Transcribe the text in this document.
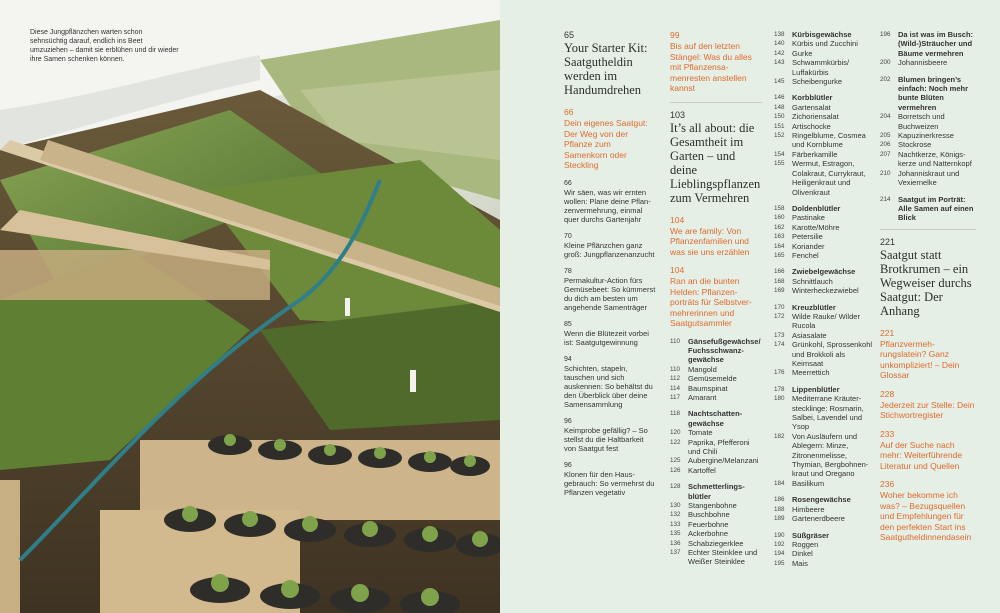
Diese Jungpflänzchen warten schon sehnsüchtig darauf, endlich ins Beet umzuziehen – damit sie erblühen und dir wieder ihre Samen schenken können.
65
Your Starter Kit: Saatgutheldin werden im Handumdrehen
66
Dein eigenes Saatgut: Der Weg von der Pflanze zum Samenkorn oder Steckling
66
Wir säen, was wir ernten wollen: Plane deine Pflanzenvermehrung, einmal quer durchs Gartenjahr
70
Kleine Pflänzchen ganz groß: Jungpflanzenanzucht
78
Permakultur-Action fürs Gemüsebeet: So kümmerst du dich am besten um angehende Samenträger
85
Wenn die Blütezeit vorbei ist: Saatgutgewinnung
94
Schichten, stapeln, tauschen und sich auskennen: So behältst du den Überblick über deine Samensammlung
96
Keimprobe gefällig? – So stellst du die Haltbarkeit von Saatgut fest
96
Klonen für den Hausgebrauch: So vermehrst du Pflanzen vegetativ
99
Bis auf den letzten Stängel: Was du alles mit Pflanzensamenresten anstellen kannst
103
It’s all about: die Gesamtheit im Garten – und deine Lieblingspflanzen zum Vermehren
104
We are family: Von Pflanzenfamilien und was sie uns erzählen
104
Ran an die bunten Helden: Pflanzenporträts für Selbstvermehrerinnen und Saatgutsammler
110	Gänsefußgewächse/ Fuchsschwanzgewächse
110	Mangold
112	Gemüsemelde
114	Baumspinat
117	Amarant
118	Nachtschattengewächse
120 Tomate
122 Paprika, Pfefferoni und Chili
125 Aubergine/Melanzani
126 Kartoffel
128 Schmetterlingsblütler
130 Stangenbohne
132 Buschbohne
133 Feuerbohne
135 Ackerbohne
136 Schabziegerklee
137 Echter Steinklee und Weißer Steinklee
138 Kürbisgewächse
140 Kürbis und Zucchini
142 Gurke
143 Schwammkürbis/ Luffakürbis
145 Scheibengurke
146 Korbblütler
148 Gartensalat
150 Zichoriensalat
151 Artischocke
152 Ringelblume, Cosmea und Kornblume
154 Färberkamille
155 Wermut, Estragon, Colakraut, Currykraut, Heiligenkraut und Olivenkraut
158 Doldenblütler
160 Pastinake
162 Karotte/Möhre
163 Petersilie
164 Koriander
165 Fenchel
166 Zwiebelgewächse
168 Schnittlauch
169 Winterheckezwiebel
170 Kreuzblütler
172 Wilde Rauke/ Wilder Rucola
173 Asiasalate
174 Grünkohl, Sprossenkohl und Brokkoli als Keimsaat
176 Meerrettich
178 Lippenblütler
180 Mediterrane Kräuterstecklinge: Rosmarin, Salbei, Lavendel und Ysop
182 Von Ausläufern und Ablegern: Minze, Zitronenmelisse, Thymian, Bergbohnenkraut und Oregano
184 Basilikum
186 Rosengewächse
188 Himbeere
189 Gartenerdbeere
190 Süßgräser
192 Roggen
194 Dinkel
195 Mais
196 Da ist was im Busch: (Wild-)Sträucher und Bäume vermehren
200 Johannisbeere
202 Blumen bringen’s einfach: Noch mehr bunte Blüten vermehren
204 Borretsch und Buchweizen
205 Kapuzinerkresse
206 Stockrose
207 Nachtkerze, Königskerze und Natternkopf
210 Johanniskraut und Vexiernelke
214 Saatgut im Porträt: Alle Samen auf einen Blick
221
Saatgut statt Brotkrumen – ein Wegweiser durchs Saatgut: Der Anhang
221
Pflanzvermehrungslatein? Ganz unkompliziert! – Dein Glossar
228
Jederzeit zur Stelle: Dein Stichwortregister
233
Auf der Suche nach mehr: Weiterführende Literatur und Quellen
236
Woher bekomme ich was? – Bezugsquellen und Empfehlungen für den perfekten Start ins Saatgutheldinnendasein
